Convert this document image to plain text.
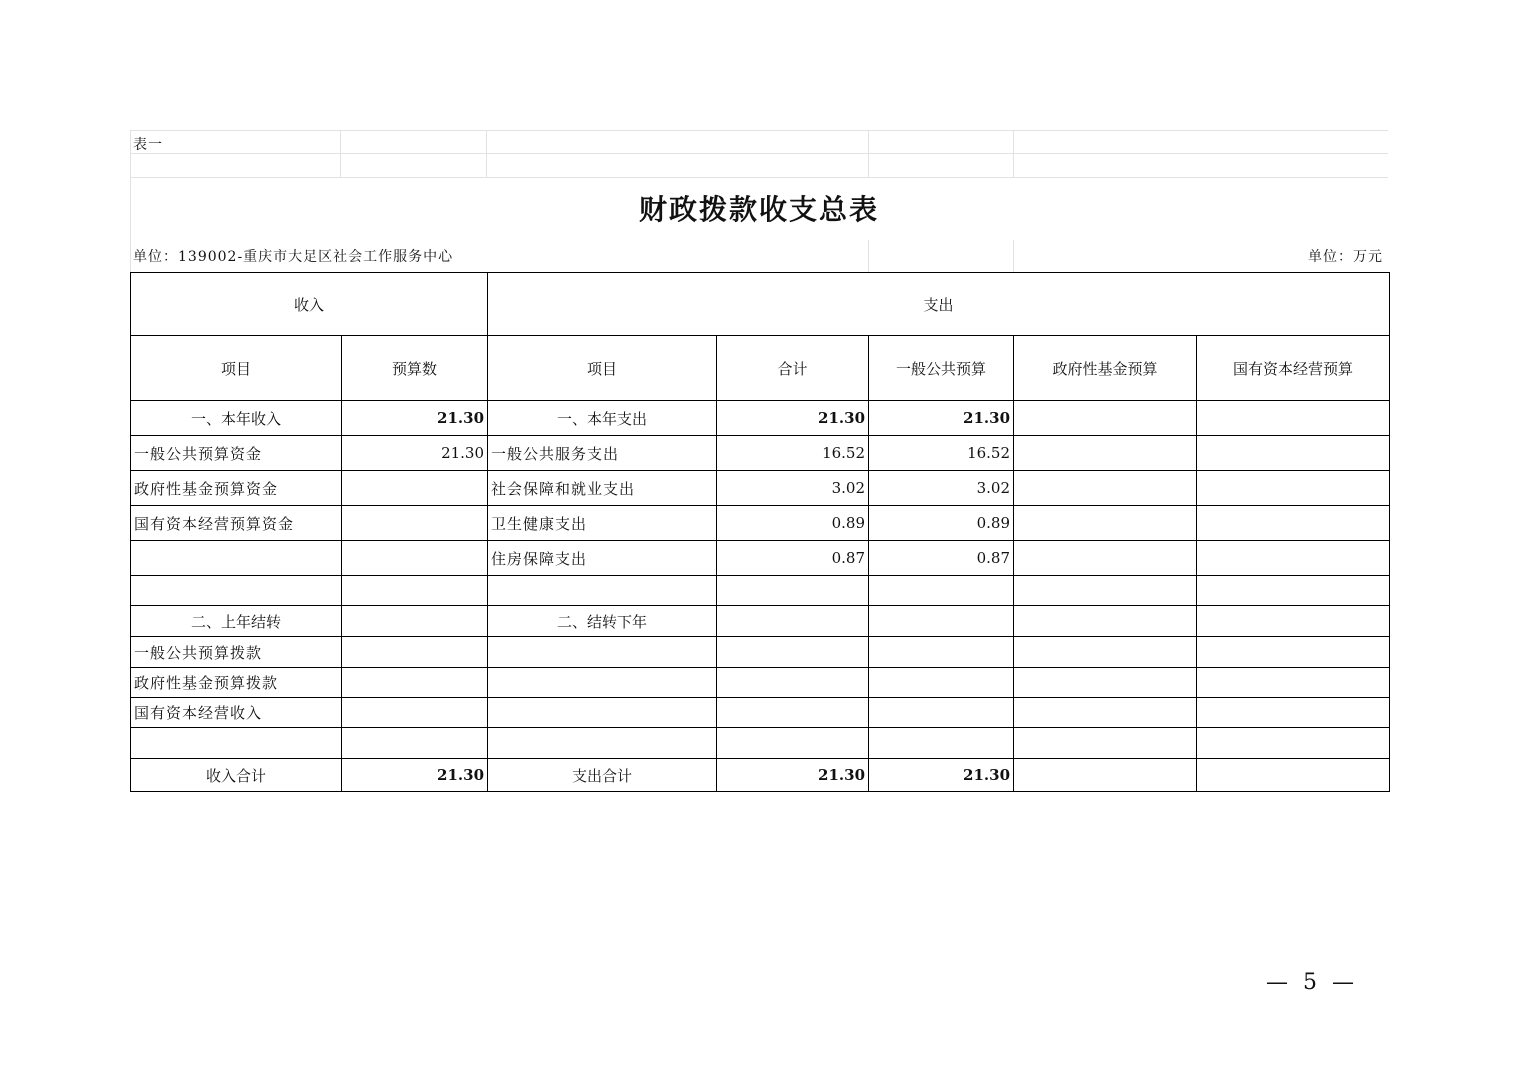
表一
财政拨款收支总表
单位：139002-重庆市大足区社会工作服务中心	单位：万元
收入		支出				
项目	预算数	项目	合计	一般公共预算	政府性基金预算	国有资本经营预算
一、本年收入	21.30	一、本年支出	21.30	21.30		
一般公共预算资金	21.30	一般公共服务支出	16.52	16.52		
政府性基金预算资金		社会保障和就业支出	3.02	3.02		
国有资本经营预算资金		卫生健康支出	0.89	0.89		
		住房保障支出	0.87	0.87		

二、上年结转		二、结转下年				
一般公共预算拨款						
政府性基金预算拨款						
国有资本经营收入						

收入合计	21.30	支出合计	21.30	21.30		
— 5 —
